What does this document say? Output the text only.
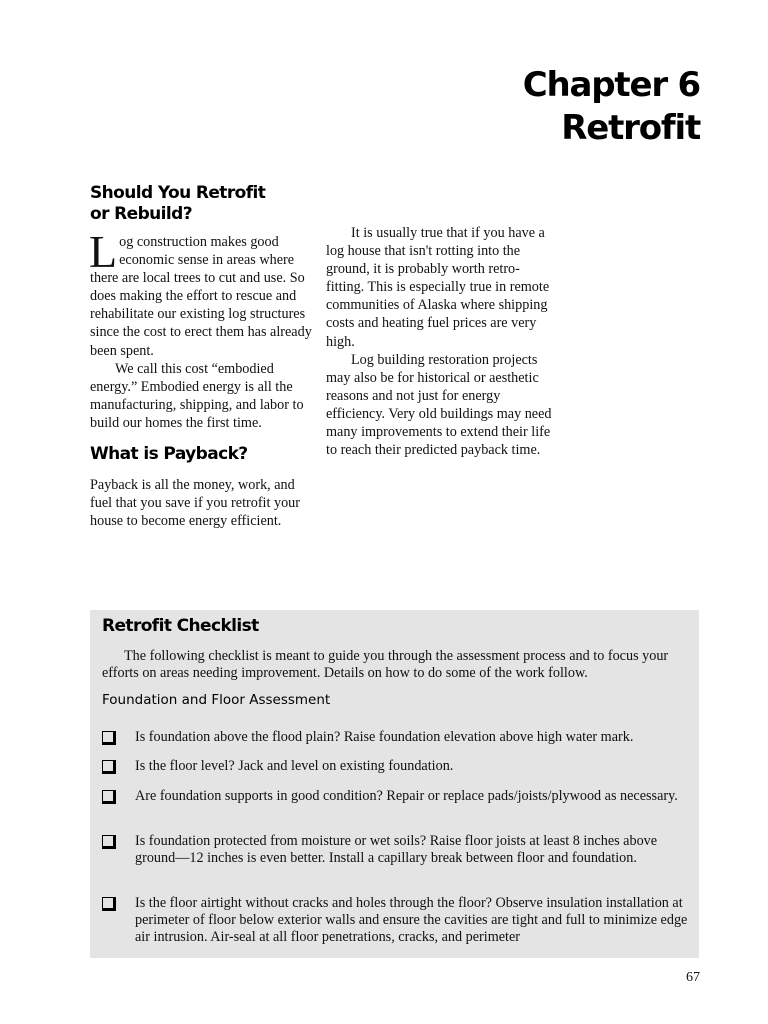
Chapter 6
Retrofit
Should You Retrofit
or Rebuild?

Log construction makes good economic sense in areas where there are local trees to cut and use. So does making the effort to rescue and rehabilitate our existing log structures since the cost to erect them has already been spent.

We call this cost “embodied energy.” Embodied energy is all the manufacturing, shipping, and labor to build our homes the first time.

What is Payback?

Payback is all the money, work, and fuel that you save if you retrofit your house to become energy efficient.

It is usually true that if you have a log house that isn't rotting into the ground, it is probably worth retro-fitting. This is especially true in remote communities of Alaska where shipping costs and heating fuel prices are very high.

Log building restoration projects may also be for historical or aesthetic reasons and not just for energy efficiency. Very old buildings may need many improvements to extend their life to reach their predicted payback time.

Retrofit Checklist

The following checklist is meant to guide you through the assessment process and to focus your efforts on areas needing improvement. Details on how to do some of the work follow.

Foundation and Floor Assessment

Is foundation above the flood plain? Raise foundation elevation above high water mark.

Is the floor level? Jack and level on existing foundation.

Are foundation supports in good condition? Repair or replace pads/joists/plywood as necessary.

Is foundation protected from moisture or wet soils? Raise floor joists at least 8 inches above ground—12 inches is even better. Install a capillary break between floor and foundation.

Is the floor airtight without cracks and holes through the floor? Observe insulation installation at perimeter of floor below exterior walls and ensure the cavities are tight and full to minimize edge air intrusion. Air-seal at all floor penetrations, cracks, and perimeter

67
